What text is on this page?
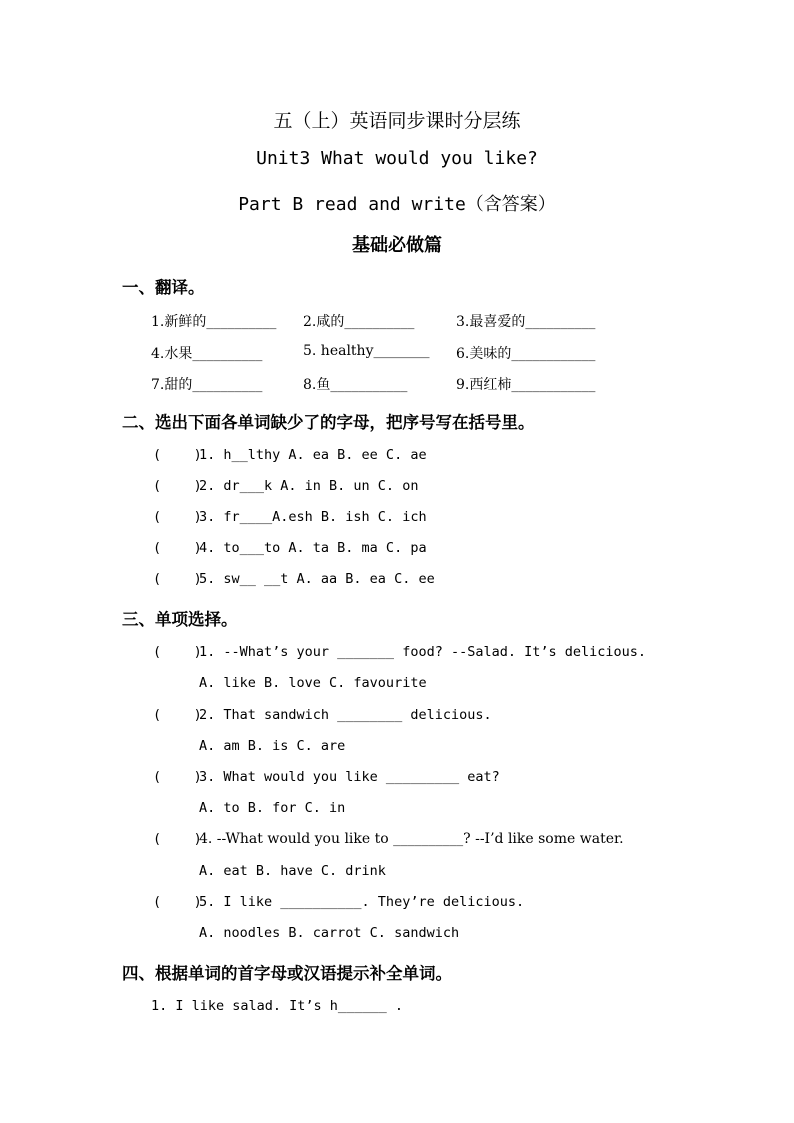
五（上）英语同步课时分层练
Unit3 What would you like?
Part B read and write（含答案）
基础必做篇
一、翻译。
1.新鲜的__________ 2.咸的__________	3.最喜爱的__________
4.水果__________	5. healthy________ 6.美味的____________
7.甜的__________	8.鱼___________	9.西红柿____________
二、选出下面各单词缺少了的字母，把序号写在括号里。
(    )
1. h__lthy A. ea B. ee C. ae
(    )
2. dr___k A. in B. un C. on
(    )
3. fr____A.esh B. ish C. ich
(    )
4. to___to A. ta B. ma C. pa
(    )
5. sw__ __t A. aa B. ea C. ee
三、单项选择。
(    )
1. --What’s your _______ food? --Salad. It’s delicious.
A. like B. love C. favourite
(    )
2. That sandwich ________ delicious.
A. am B. is C. are
(    )
3. What would you like _________ eat?
A. to B. for C. in
(    )
4. --What would you like to __________? --I’d like some water.
A. eat B. have C. drink
(    )
5. I like __________. They’re delicious.
A. noodles B. carrot C. sandwich
四、根据单词的首字母或汉语提示补全单词。
1. I like salad. It’s h______ .
